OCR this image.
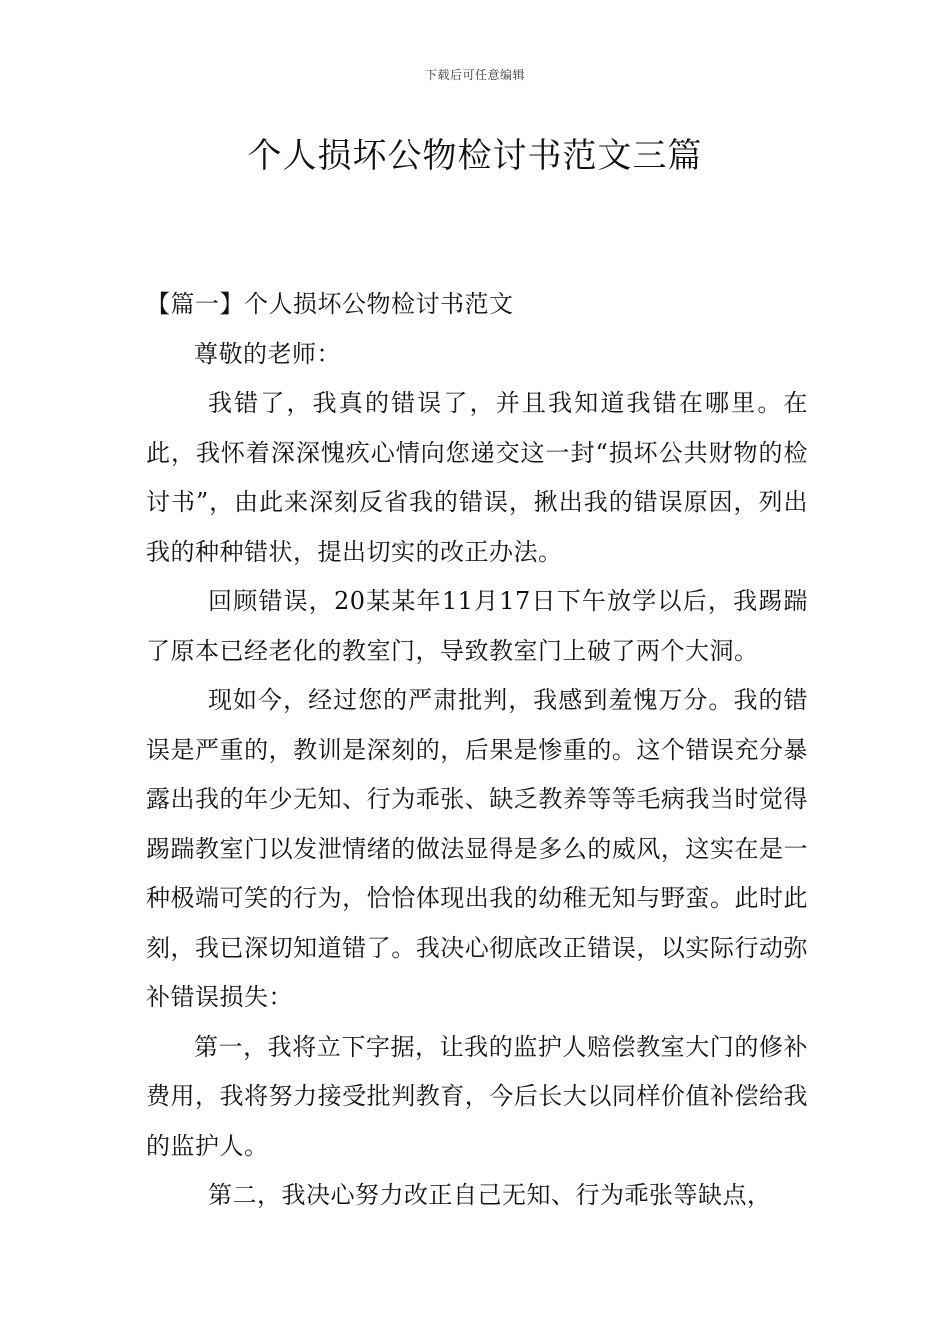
下载后可任意编辑
个人损坏公物检讨书范文三篇
【篇一】个人损坏公物检讨书范文

尊敬的老师：

我错了，我真的错误了，并且我知道我错在哪里。在此，我怀着深深愧疚心情向您递交这一封“损坏公共财物的检讨书”，由此来深刻反省我的错误，揪出我的错误原因，列出我的种种错状，提出切实的改正办法。

回顾错误，20某某年11月17日下午放学以后，我踢踹了原本已经老化的教室门，导致教室门上破了两个大洞。

现如今，经过您的严肃批判，我感到羞愧万分。我的错误是严重的，教训是深刻的，后果是惨重的。这个错误充分暴露出我的年少无知、行为乖张、缺乏教养等等毛病我当时觉得踢踹教室门以发泄情绪的做法显得是多么的威风，这实在是一种极端可笑的行为，恰恰体现出我的幼稚无知与野蛮。此时此刻，我已深切知道错了。我决心彻底改正错误，以实际行动弥补错误损失：

第一，我将立下字据，让我的监护人赔偿教室大门的修补费用，我将努力接受批判教育，今后长大以同样价值补偿给我的监护人。

第二，我决心努力改正自己无知、行为乖张等缺点，
